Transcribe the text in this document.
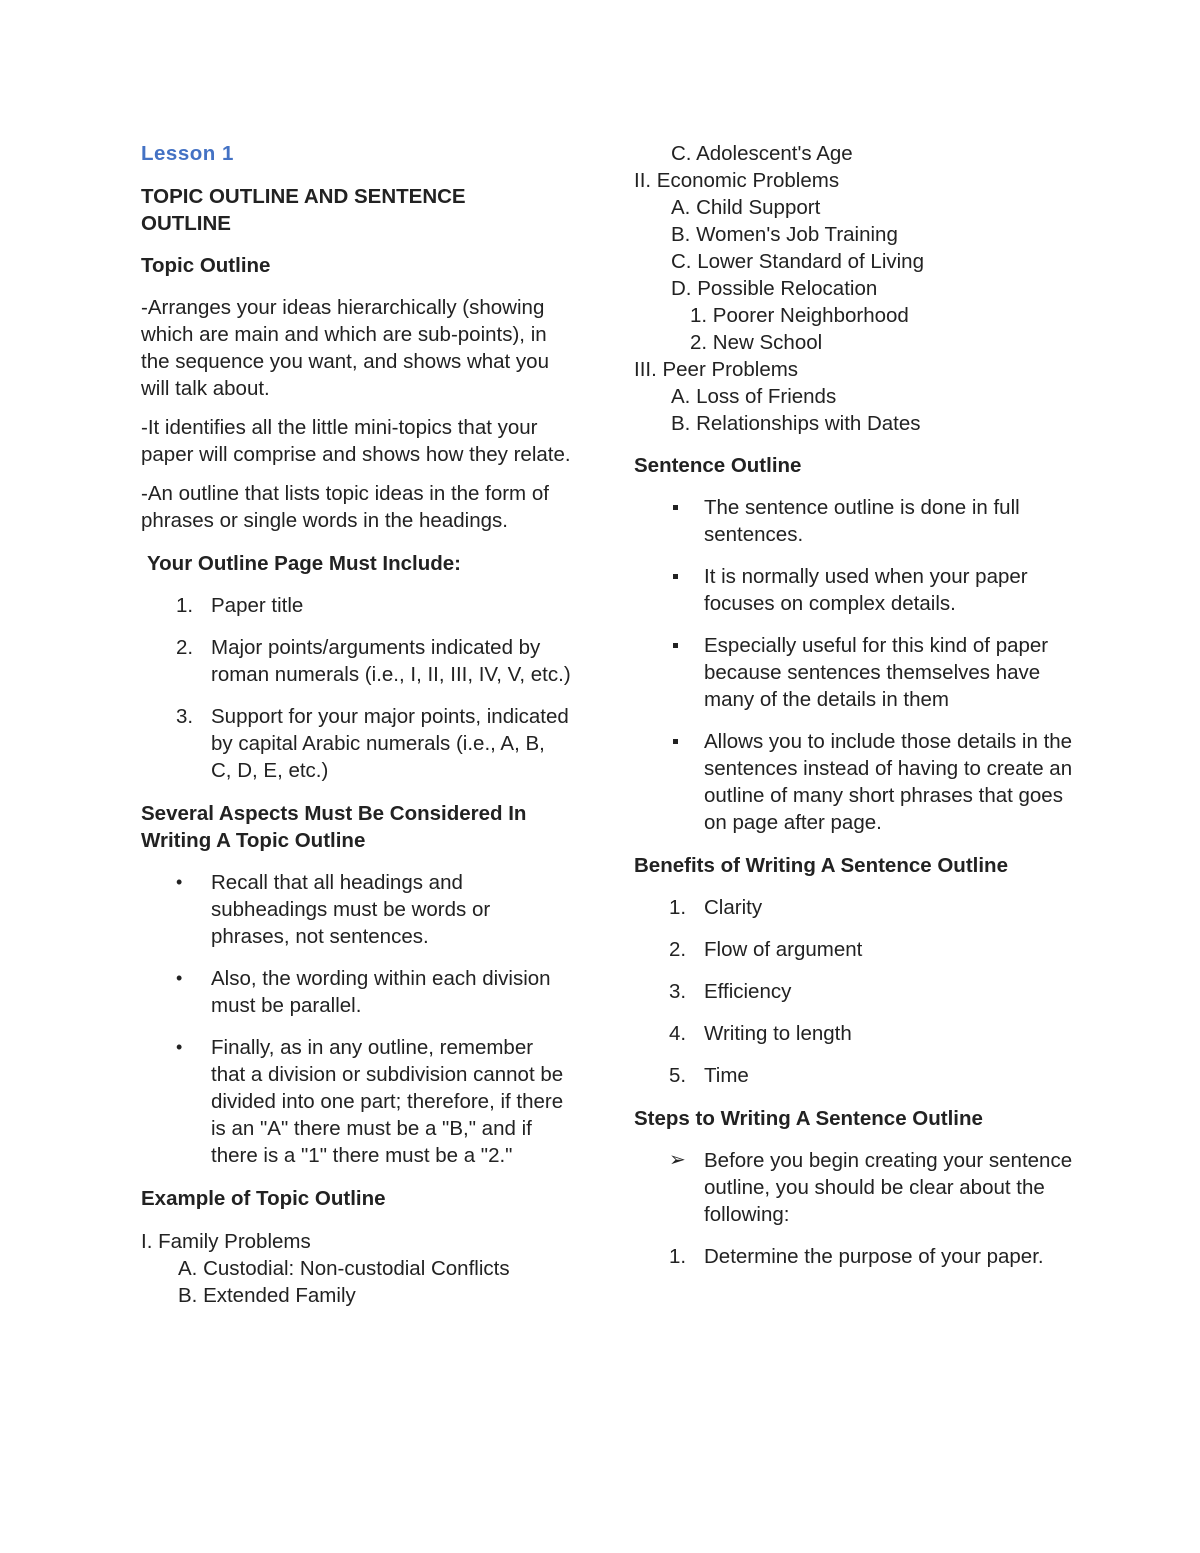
Lesson 1

TOPIC OUTLINE AND SENTENCE
OUTLINE

Topic Outline

-Arranges your ideas hierarchically (showing which are main and which are sub-points), in the sequence you want, and shows what you will talk about.

-It identifies all the little mini-topics that your paper will comprise and shows how they relate.

-An outline that lists topic ideas in the form of phrases or single words in the headings.

Your Outline Page Must Include:

1. Paper title
2. Major points/arguments indicated by roman numerals (i.e., I, II, III, IV, V, etc.)
3. Support for your major points, indicated by capital Arabic numerals (i.e., A, B, C, D, E, etc.)

Several Aspects Must Be Considered In Writing A Topic Outline

• Recall that all headings and subheadings must be words or phrases, not sentences.
• Also, the wording within each division must be parallel.
• Finally, as in any outline, remember that a division or subdivision cannot be divided into one part; therefore, if there is an "A" there must be a "B," and if there is a "1" there must be a "2."

Example of Topic Outline

I. Family Problems

A. Custodial: Non-custodial Conflicts

B. Extended Family

C. Adolescent's Age

II. Economic Problems

A. Child Support

B. Women's Job Training

C. Lower Standard of Living

D. Possible Relocation

1. Poorer Neighborhood

2. New School

III. Peer Problems

A. Loss of Friends

B. Relationships with Dates

Sentence Outline

The sentence outline is done in full sentences.
It is normally used when your paper focuses on complex details.
Especially useful for this kind of paper because sentences themselves have many of the details in them
Allows you to include those details in the sentences instead of having to create an outline of many short phrases that goes on page after page.

Benefits of Writing A Sentence Outline

1. Clarity
2. Flow of argument
3. Efficiency
4. Writing to length
5. Time

Steps to Writing A Sentence Outline

➢ Before you begin creating your sentence outline, you should be clear about the following:
1. Determine the purpose of your paper.
